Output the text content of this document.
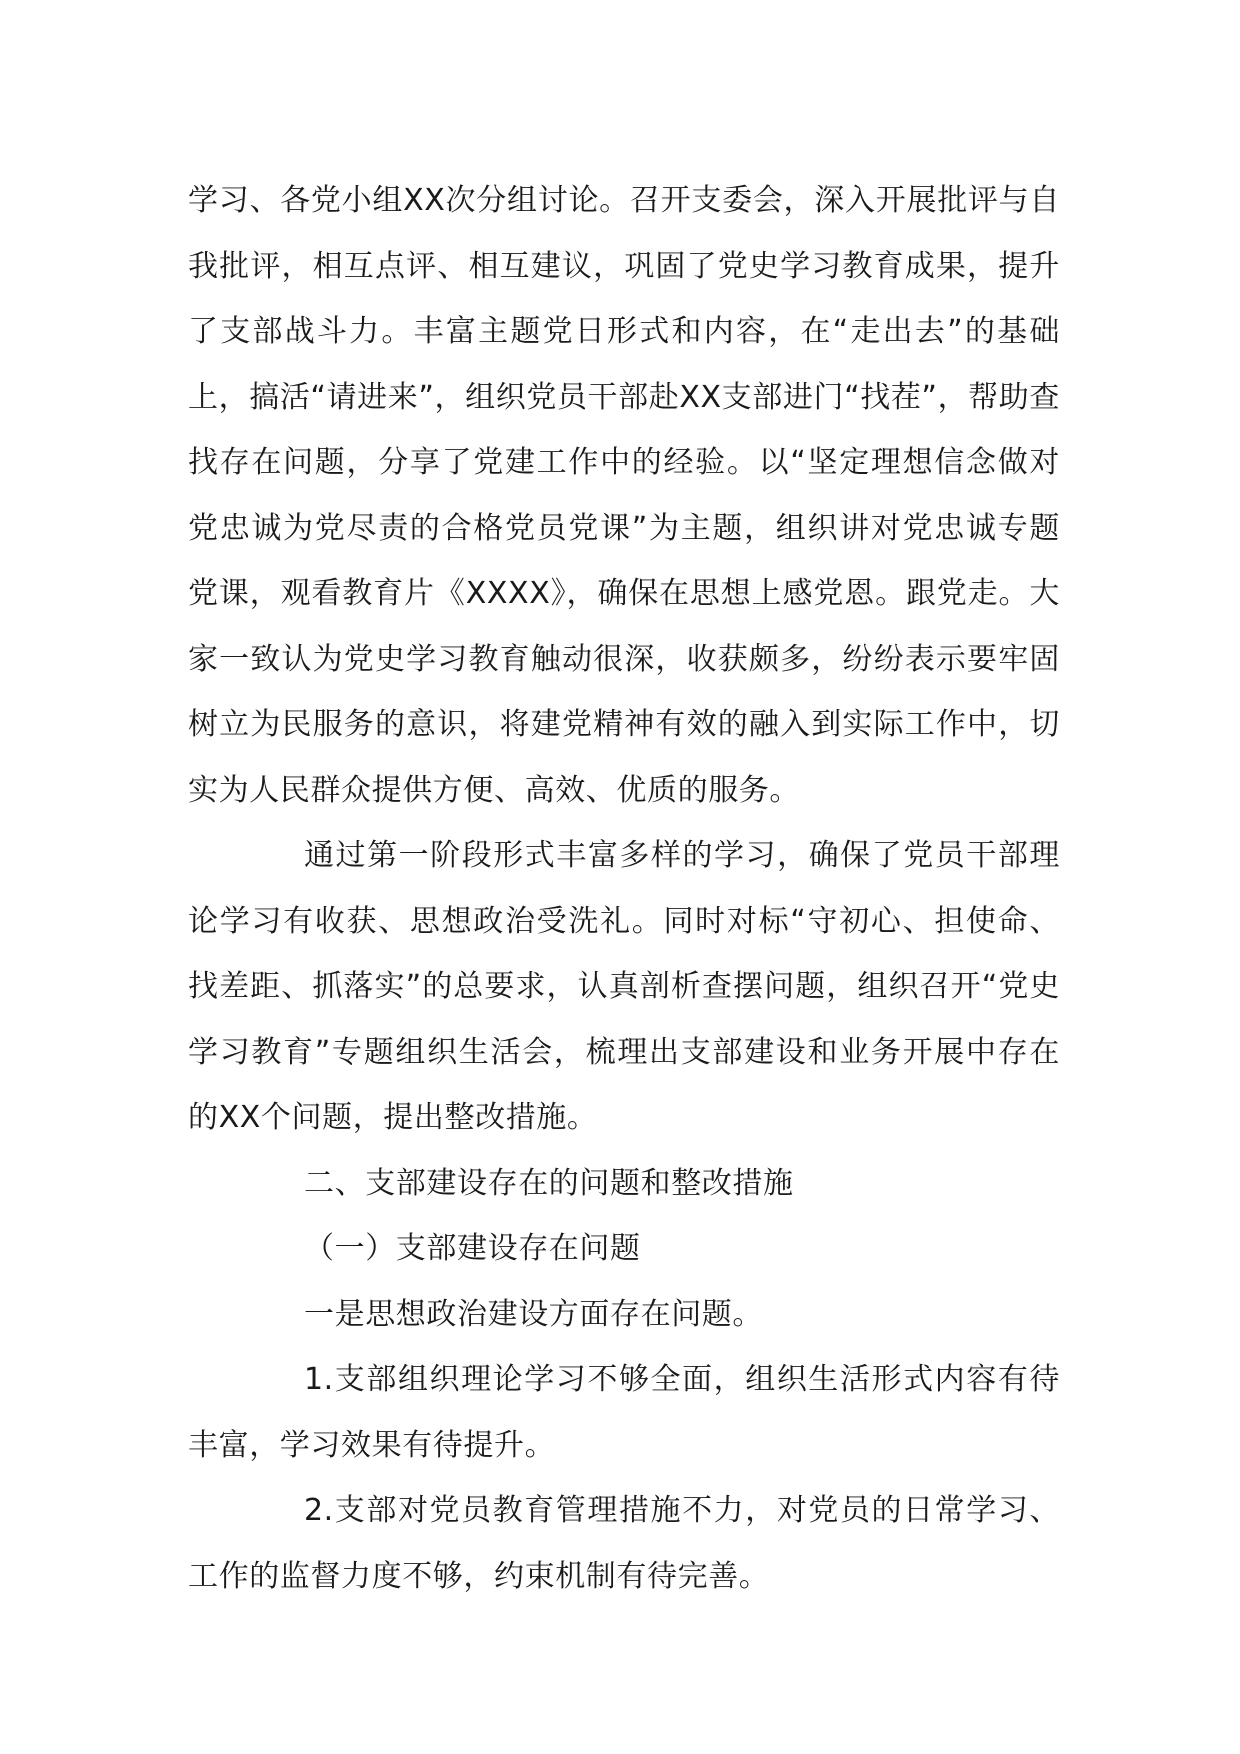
学习、各党小组XX次分组讨论。召开支委会，深入开展批评与自我批评，相互点评、相互建议，巩固了党史学习教育成果，提升了支部战斗力。丰富主题党日形式和内容，在“走出去”的基础上，搞活“请进来”，组织党员干部赴XX支部进门“找茬”，帮助查找存在问题，分享了党建工作中的经验。以“坚定理想信念做对党忠诚为党尽责的合格党员党课”为主题，组织讲对党忠诚专题党课，观看教育片《XXXX》，确保在思想上感党恩。跟党走。大家一致认为党史学习教育触动很深，收获颇多，纷纷表示要牢固树立为民服务的意识，将建党精神有效的融入到实际工作中，切实为人民群众提供方便、高效、优质的服务。

通过第一阶段形式丰富多样的学习，确保了党员干部理论学习有收获、思想政治受洗礼。同时对标“守初心、担使命、找差距、抓落实”的总要求，认真剖析查摆问题，组织召开“党史学习教育”专题组织生活会，梳理出支部建设和业务开展中存在的XX个问题，提出整改措施。

二、支部建设存在的问题和整改措施

（一）支部建设存在问题

一是思想政治建设方面存在问题。

1.支部组织理论学习不够全面，组织生活形式内容有待丰富，学习效果有待提升。

2.支部对党员教育管理措施不力，对党员的日常学习、工作的监督力度不够，约束机制有待完善。
